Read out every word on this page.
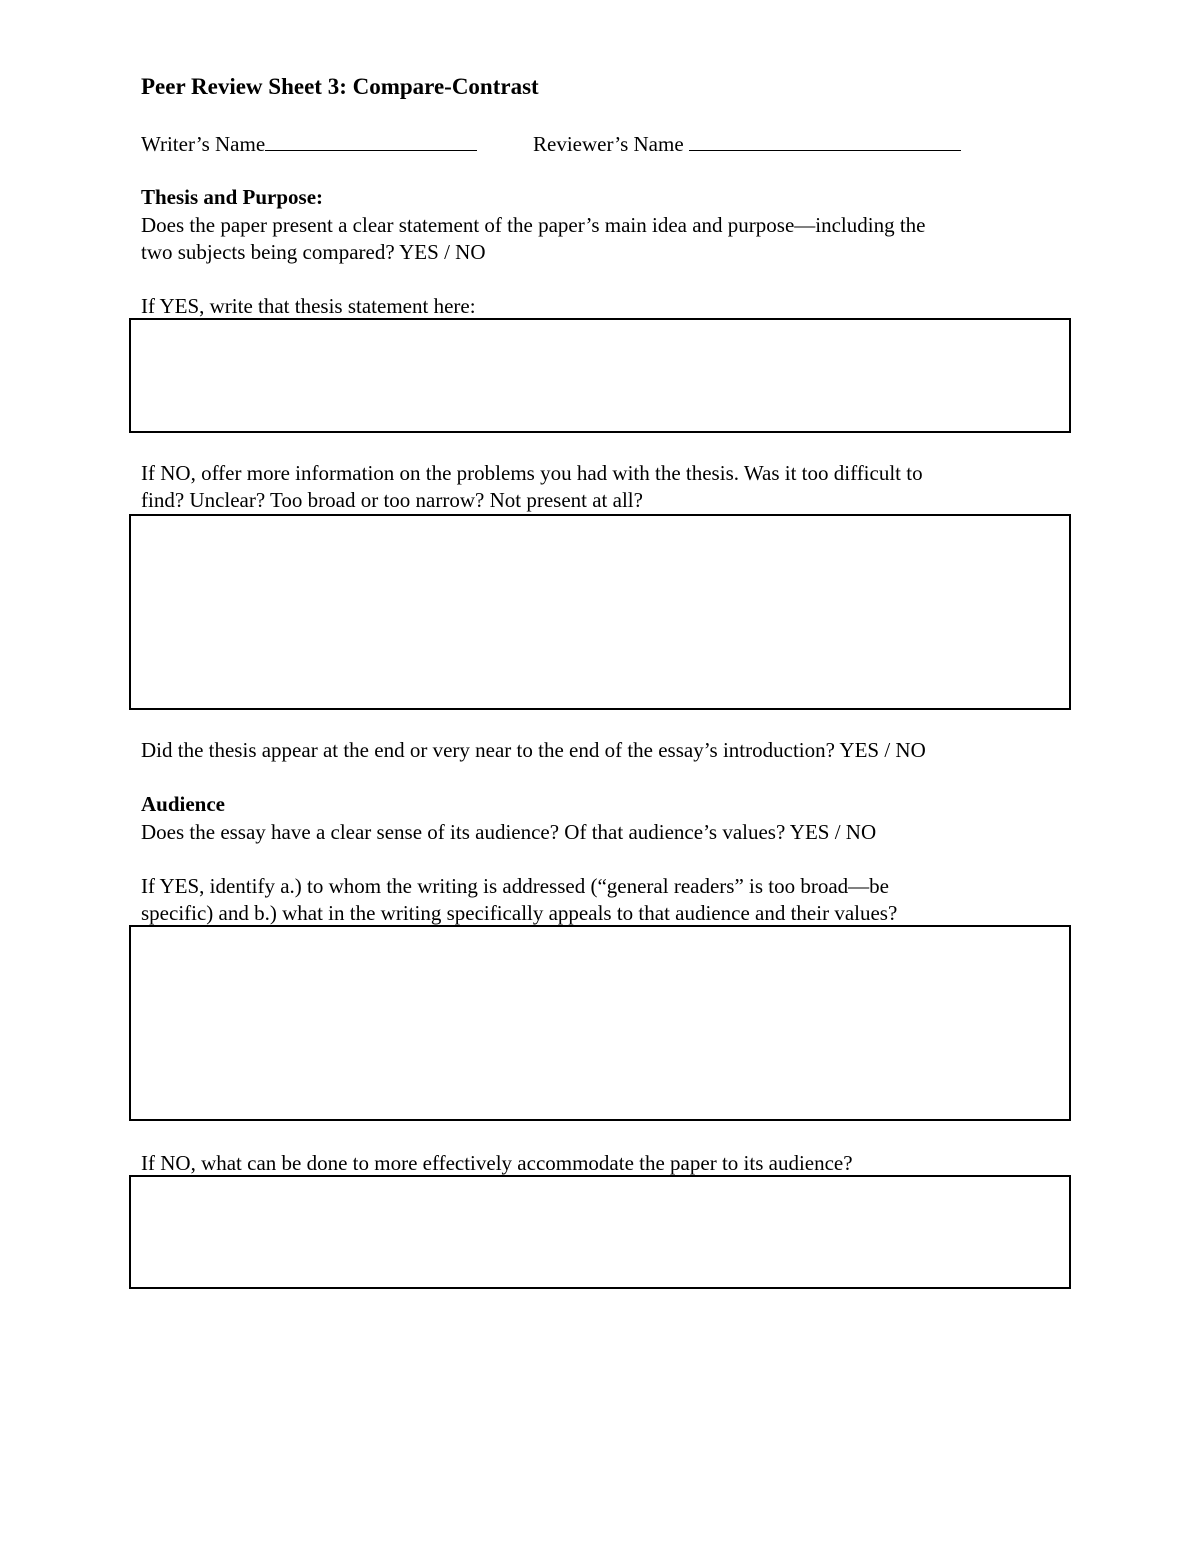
Peer Review Sheet 3: Compare-Contrast
Writer’s Name	Reviewer’s Name
Thesis and Purpose:
Does the paper present a clear statement of the paper’s main idea and purpose—including the
two subjects being compared? YES / NO
If YES, write that thesis statement here:
If NO, offer more information on the problems you had with the thesis. Was it too difficult to
find? Unclear? Too broad or too narrow? Not present at all?
Did the thesis appear at the end or very near to the end of the essay’s introduction? YES / NO
Audience
Does the essay have a clear sense of its audience? Of that audience’s values? YES / NO
If YES, identify a.) to whom the writing is addressed (“general readers” is too broad—be
specific) and b.) what in the writing specifically appeals to that audience and their values?
If NO, what can be done to more effectively accommodate the paper to its audience?
